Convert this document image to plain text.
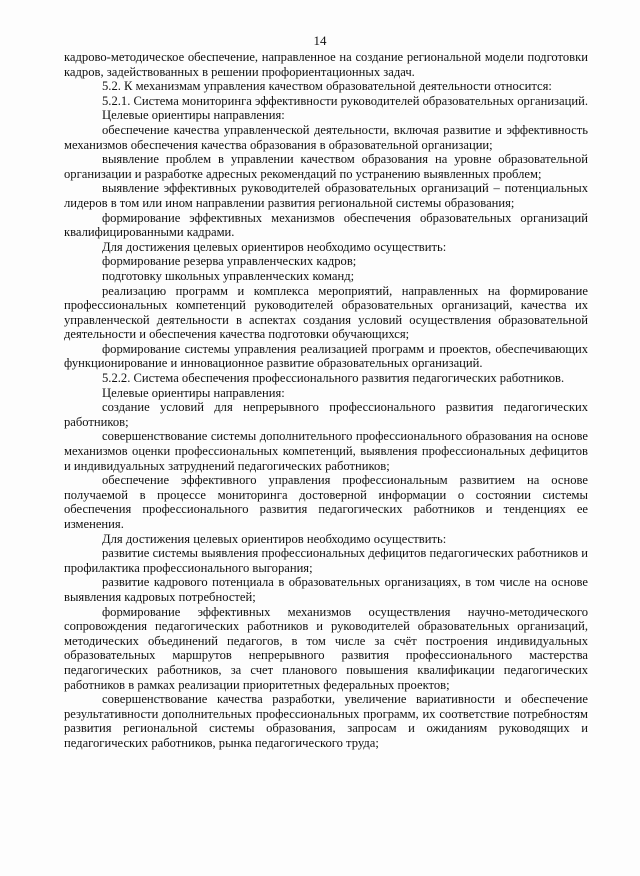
14

кадрово-методическое обеспечение, направленное на создание региональной модели подготовки кадров, задействованных в решении профориентационных задач.

5.2. К механизмам управления качеством образовательной деятельности относится:

5.2.1. Система мониторинга эффективности руководителей образовательных организаций.

Целевые ориентиры направления:

обеспечение качества управленческой деятельности, включая развитие и эффективность механизмов обеспечения качества образования в образовательной организации;

выявление проблем в управлении качеством образования на уровне образовательной организации и разработке адресных рекомендаций по устранению выявленных проблем;

выявление эффективных руководителей образовательных организаций – потенциальных лидеров в том или ином направлении развития региональной системы образования;

формирование эффективных механизмов обеспечения образовательных организаций квалифицированными кадрами.

Для достижения целевых ориентиров необходимо осуществить:

формирование резерва управленческих кадров;

подготовку школьных управленческих команд;

реализацию программ и комплекса мероприятий, направленных на формирование профессиональных компетенций руководителей образовательных организаций, качества их управленческой деятельности в аспектах создания условий осуществления образовательной деятельности и обеспечения качества подготовки обучающихся;

формирование системы управления реализацией программ и проектов, обеспечивающих функционирование и инновационное развитие образовательных организаций.

5.2.2. Система обеспечения профессионального развития педагогических работников.

Целевые ориентиры направления:

создание условий для непрерывного профессионального развития педагогических работников;

совершенствование системы дополнительного профессионального образования на основе механизмов оценки профессиональных компетенций, выявления профессиональных дефицитов и индивидуальных затруднений педагогических работников;

обеспечение эффективного управления профессиональным развитием на основе получаемой в процессе мониторинга достоверной информации о состоянии системы обеспечения профессионального развития педагогических работников и тенденциях ее изменения.

Для достижения целевых ориентиров необходимо осуществить:

развитие системы выявления профессиональных дефицитов педагогических работников и профилактика профессионального выгорания;

развитие кадрового потенциала в образовательных организациях, в том числе на основе выявления кадровых потребностей;

формирование эффективных механизмов осуществления научно-методического сопровождения педагогических работников и руководителей образовательных организаций, методических объединений педагогов, в том числе за счёт построения индивидуальных образовательных маршрутов непрерывного развития профессионального мастерства педагогических работников, за счет планового повышения квалификации педагогических работников в рамках реализации приоритетных федеральных проектов;

совершенствование качества разработки, увеличение вариативности и обеспечение результативности дополнительных профессиональных программ, их соответствие потребностям развития региональной системы образования, запросам и ожиданиям руководящих и педагогических работников, рынка педагогического труда;
